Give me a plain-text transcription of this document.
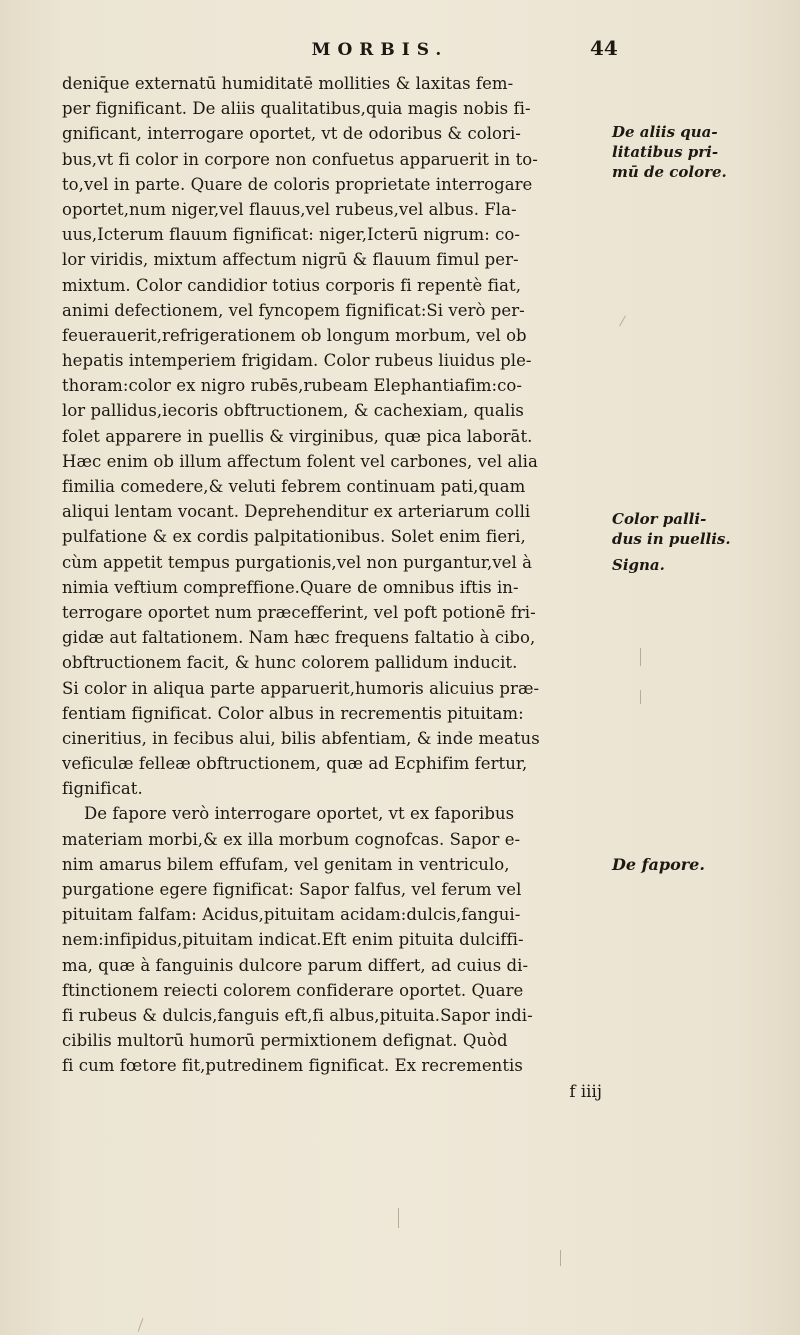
MORBIS.	44
deniq̄ue externatū humiditatē mollities & laxitas fem-
per fignificant. De aliis qualitatibus,quia magis nobis fi-
gnificant, interrogare oportet, vt de odoribus & colori-
bus,vt fi color in corpore non confuetus apparuerit in to-
to,vel in parte. Quare de coloris proprietate interrogare
oportet,num niger,vel flauus,vel rubeus,vel albus. Fla-
uus,Icterum flauum fignificat: niger,Icterū nigrum: co-
lor viridis, mixtum affectum nigrū & flauum fimul per-
mixtum. Color candidior totius corporis fi repentè fiat,
animi defectionem, vel fyncopem fignificat:Si verò per-
feuerauerit,refrigerationem ob longum morbum, vel ob
hepatis intemperiem frigidam. Color rubeus liuidus ple-
thoram:color ex nigro rubēs,rubeam Elephantiafim:co-
lor pallidus,iecoris obftructionem, & cachexiam, qualis
folet apparere in puellis & virginibus, quæ pica laborāt.
Hæc enim ob illum affectum folent vel carbones, vel alia
fimilia comedere,& veluti febrem continuam pati,quam
aliqui lentam vocant. Deprehenditur ex arteriarum colli
pulfatione & ex cordis palpitationibus. Solet enim fieri,
cùm appetit tempus purgationis,vel non purgantur,vel à
nimia veftium compreffione.Quare de omnibus iftis in-
terrogare oportet num præcefferint, vel poft potionē fri-
gidæ aut faltationem. Nam hæc frequens faltatio à cibo,
obftructionem facit, & hunc colorem pallidum inducit.
Si color in aliqua parte apparuerit,humoris alicuius præ-
fentiam fignificat. Color albus in recrementis pituitam:
cineritius, in fecibus alui, bilis abfentiam, & inde meatus
veficulæ felleæ obftructionem, quæ ad Ecphifim fertur,
fignificat.
De fapore verò interrogare oportet, vt ex faporibus
materiam morbi,& ex illa morbum cognofcas. Sapor e-
nim amarus bilem effufam, vel genitam in ventriculo,
purgatione egere fignificat: Sapor falfus, vel ferum vel
pituitam falfam: Acidus,pituitam acidam:dulcis,fangui-
nem:infipidus,pituitam indicat.Eft enim pituita dulciffi-
ma, quæ à fanguinis dulcore parum differt, ad cuius di-
ftinctionem reiecti colorem confiderare oportet. Quare
fi rubeus & dulcis,fanguis eft,fi albus,pituita.Sapor indi-
cibilis multorū humorū permixtionem defignat. Quòd
fi cum fœtore fit,putredinem fignificat. Ex recrementis
f iiij
De aliis qua-
litatibus pri-
mū de colore.
Color palli-
dus in puellis.
Signa.
De fapore.
